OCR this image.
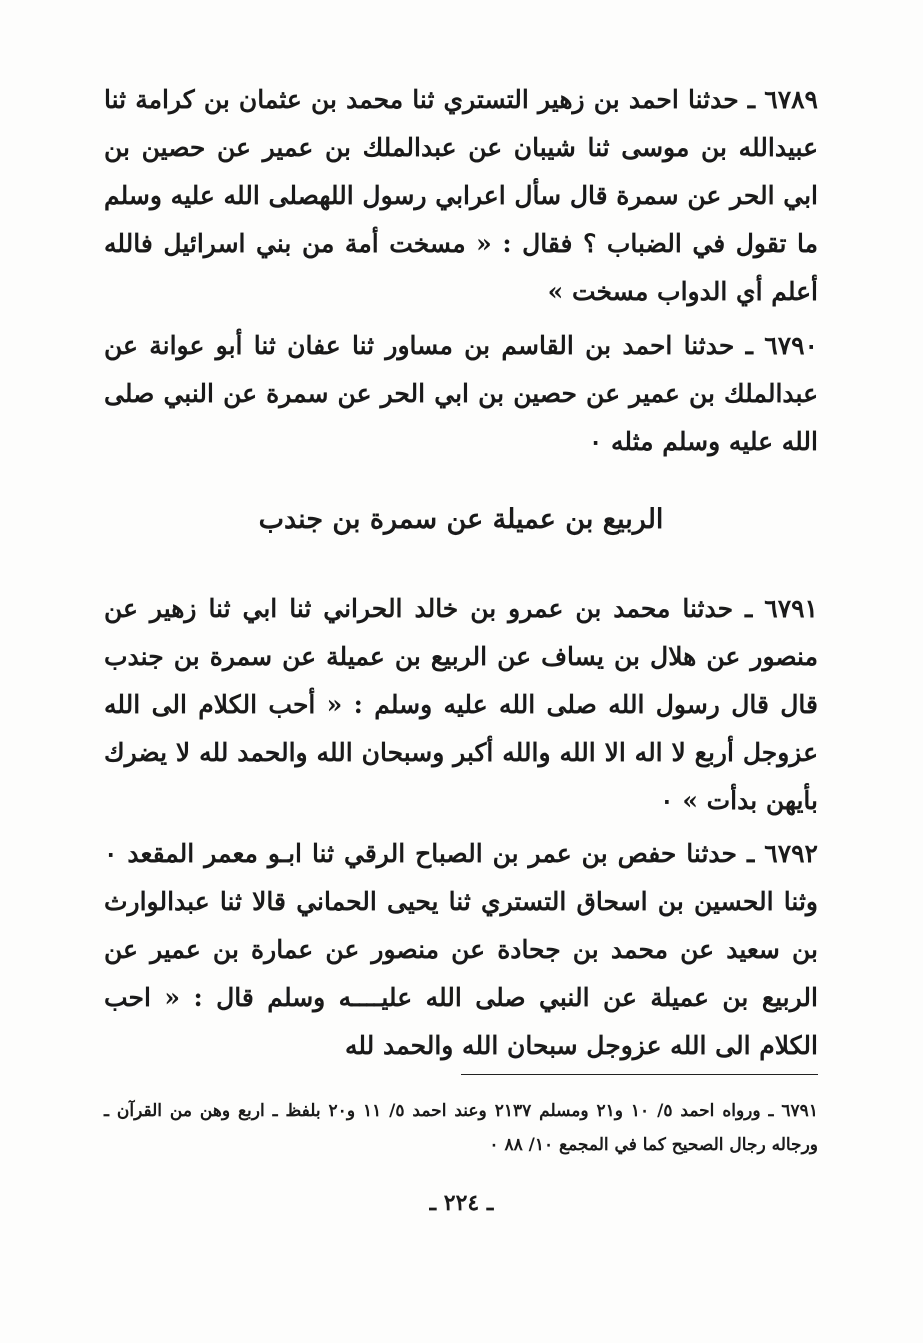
٦٧٨٩ ـ حدثنا احمد بن زهير التستري ثنا محمد بن عثمان بن كرامة ثنا عبيدالله بن موسى ثنا شيبان عن عبدالملك بن عمير عن حصين بن ابي الحر عن سمرة قال سأل اعرابي رسول اللهصلى الله عليه وسلم ما تقول في الضباب ؟ فقال : « مسخت أمة من بني اسرائيل فالله أعلم أي الدواب مسخت »
٦٧٩٠ ـ حدثنا احمد بن القاسم بن مساور ثنا عفان ثنا أبو عوانة عن عبدالملك بن عمير عن حصين بن ابي الحر عن سمرة عن النبي صلى الله عليه وسلم مثله ٠
الربيع بن عميلة عن سمرة بن جندب
٦٧٩١ ـ حدثنا محمد بن عمرو بن خالد الحراني ثنا ابي ثنا زهير عن منصور عن هلال بن يساف عن الربيع بن عميلة عن سمرة بن جندب قال قال رسول الله صلى الله عليه وسلم : « أحب الكلام الى الله عزوجل أربع لا اله الا الله والله أكبر وسبحان الله والحمد لله لا يضرك بأيهن بدأت » ٠
٦٧٩٢ ـ حدثنا حفص بن عمر بن الصباح الرقي ثنا ابـو معمر المقعد ٠ وثنا الحسين بن اسحاق التستري ثنا يحيى الحماني قالا ثنا عبدالوارث بن سعيد عن محمد بن جحادة عن منصور عن عمارة بن عمير عن الربيع بن عميلة عن النبي صلى الله عليــــه وسلم قال : « احب الكلام الى الله عزوجل سبحان الله والحمد لله
٦٧٩١ ـ ورواه احمد ٥/ ١٠ و٢١ ومسلم ٢١٣٧ وعند احمد ٥/ ١١ و٢٠ بلفظ ـ اربع وهن من القرآن ـ ورجاله رجال الصحيح كما في المجمع ١٠/ ٨٨ ٠
ـ ٢٢٤ ـ
